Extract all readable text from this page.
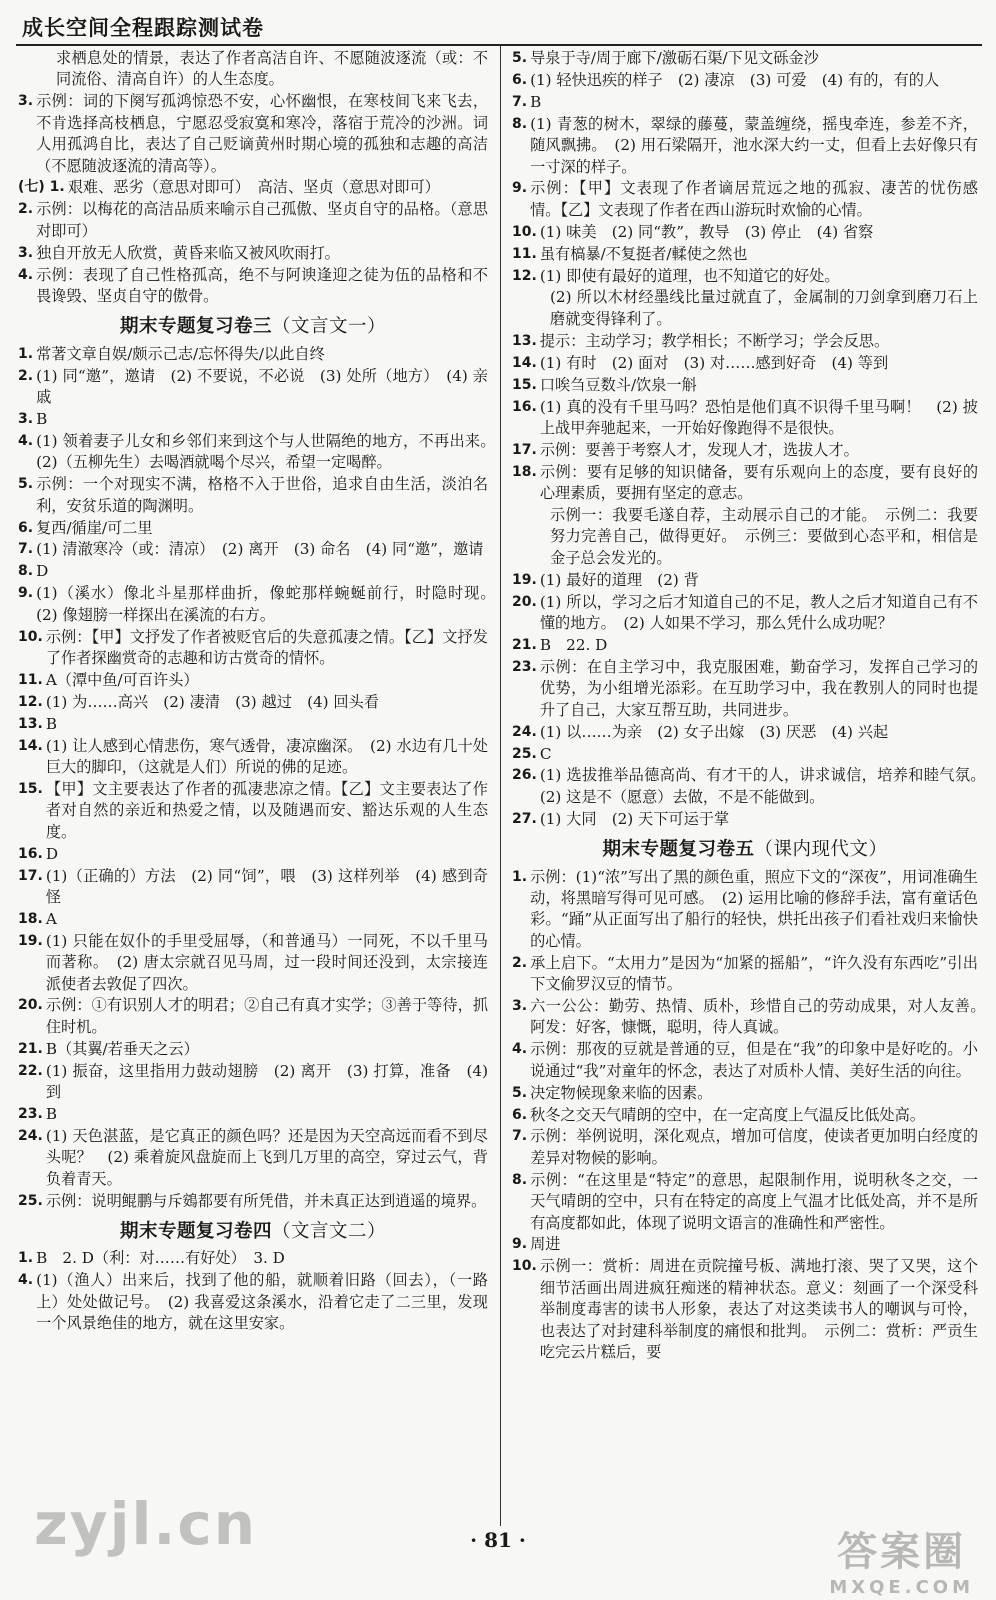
成长空间全程跟踪测试卷
求栖息处的情景，表达了作者高洁自许、不愿随波逐流（或：不同流俗、清高自许）的人生态度。
3. 示例：词的下阕写孤鸿惊恐不安，心怀幽恨，在寒枝间飞来飞去，不肯选择高枝栖息，宁愿忍受寂寞和寒冷，落宿于荒冷的沙洲。词人用孤鸿自比，表达了自己贬谪黄州时期心境的孤独和志趣的高洁（不愿随波逐流的清高等）。
(七) 1. 艰难、恶劣（意思对即可）　高洁、坚贞（意思对即可）
2. 示例：以梅花的高洁品质来喻示自己孤傲、坚贞自守的品格。（意思对即可）
3. 独自开放无人欣赏，黄昏来临又被风吹雨打。
4. 示例：表现了自己性格孤高，绝不与阿谀逢迎之徒为伍的品格和不畏谗毁、坚贞自守的傲骨。
期末专题复习卷三（文言文一）
1. 常著文章自娱/颇示己志/忘怀得失/以此自终
2. (1) 同“邀”，邀请　(2) 不要说，不必说　(3) 处所（地方）　(4) 亲戚
3. B
4. (1) 领着妻子儿女和乡邻们来到这个与人世隔绝的地方，不再出来。　(2)（五柳先生）去喝酒就喝个尽兴，希望一定喝醉。
5. 示例：一个对现实不满，格格不入于世俗，追求自由生活，淡泊名利，安贫乐道的陶渊明。
6. 复西/循崖/可二里
7. (1) 清澈寒冷（或：清凉）　(2) 离开　(3) 命名　(4) 同“邀”，邀请
8. D
9. (1)（溪水）像北斗星那样曲折，像蛇那样蜿蜒前行，时隐时现。　(2) 像翅膀一样探出在溪流的右方。
10. 示例：【甲】文抒发了作者被贬官后的失意孤凄之情。【乙】文抒发了作者探幽赏奇的志趣和访古赏奇的情怀。
11. A（潭中鱼/可百许头）
12. (1) 为……高兴　(2) 凄清　(3) 越过　(4) 回头看
13. B
14. (1) 让人感到心情悲伤，寒气透骨，凄凉幽深。　(2) 水边有几十处巨大的脚印，（这就是人们）所说的佛的足迹。
15. 【甲】文主要表达了作者的孤凄悲凉之情。【乙】文主要表达了作者对自然的亲近和热爱之情，以及随遇而安、豁达乐观的人生态度。
16. D
17. (1)（正确的）方法　(2) 同“饲”，喂　(3) 这样列举　(4) 感到奇怪
18. A
19. (1) 只能在奴仆的手里受屈辱，（和普通马）一同死，不以千里马而著称。　(2) 唐太宗就召见马周，过一段时间还没到，太宗接连派使者去敦促了四次。
20. 示例：①有识别人才的明君；②自己有真才实学；③善于等待，抓住时机。
21. B（其翼/若垂天之云）
22. (1) 振奋，这里指用力鼓动翅膀　(2) 离开　(3) 打算，准备　(4) 到
23. B
24. (1) 天色湛蓝，是它真正的颜色吗？还是因为天空高远而看不到尽头呢？　(2) 乘着旋风盘旋而上飞到几万里的高空，穿过云气，背负着青天。
25. 示例：说明鲲鹏与斥鴳都要有所凭借，并未真正达到逍遥的境界。
期末专题复习卷四（文言文二）
1. B　2. D（利：对……有好处）　3. D
4. (1)（渔人）出来后，找到了他的船，就顺着旧路（回去），（一路上）处处做记号。　(2) 我喜爱这条溪水，沿着它走了二三里，发现一个风景绝佳的地方，就在这里安家。
5. 导泉于寺/周于廊下/激砺石渠/下见文砾金沙
6. (1) 轻快迅疾的样子　(2) 凄凉　(3) 可爱　(4) 有的，有的人
7. B
8. (1) 青葱的树木，翠绿的藤蔓，蒙盖缠绕，摇曳牵连，参差不齐，随风飘拂。　(2) 用石梁隔开，池水深大约一丈，但看上去好像只有一寸深的样子。
9. 示例：【甲】文表现了作者谪居荒远之地的孤寂、凄苦的忧伤感情。【乙】文表现了作者在西山游玩时欢愉的心情。
10. (1) 味美　(2) 同“教”，教导　(3) 停止　(4) 省察
11. 虽有槁暴/不复挺者/輮使之然也
12. (1) 即使有最好的道理，也不知道它的好处。
(2) 所以木材经墨线比量过就直了，金属制的刀剑拿到磨刀石上磨就变得锋利了。
13. 提示：主动学习；教学相长；不断学习；学会反思。
14. (1) 有时　(2) 面对　(3) 对……感到好奇　(4) 等到
15. 口唉刍豆数斗/饮泉一斛
16. (1) 真的没有千里马吗？恐怕是他们真不识得千里马啊！　(2) 披上战甲奔驰起来，一开始好像跑得不是很快。
17. 示例：要善于考察人才，发现人才，选拔人才。
18. 示例：要有足够的知识储备，要有乐观向上的态度，要有良好的心理素质，要拥有坚定的意志。
示例一：我要毛遂自荐，主动展示自己的才能。　示例二：我要努力完善自己，做得更好。　示例三：要做到心态平和，相信是金子总会发光的。
19. (1) 最好的道理　(2) 背
20. (1) 所以，学习之后才知道自己的不足，教人之后才知道自己有不懂的地方。　(2) 人如果不学习，那么凭什么成功呢？
21. B　22. D
23. 示例：在自主学习中，我克服困难，勤奋学习，发挥自己学习的优势，为小组增光添彩。在互助学习中，我在教别人的同时也提升了自己，大家互帮互助，共同进步。
24. (1) 以……为亲　(2) 女子出嫁　(3) 厌恶　(4) 兴起
25. C
26. (1) 选拔推举品德高尚、有才干的人，讲求诚信，培养和睦气氛。　(2) 这是不（愿意）去做，不是不能做到。
27. (1) 大同　(2) 天下可运于掌
期末专题复习卷五（课内现代文）
1. 示例：(1)“浓”写出了黑的颜色重，照应下文的“深夜”，用词准确生动，将黑暗写得可见可感。　(2) 运用比喻的修辞手法，富有童话色彩。“踊”从正面写出了船行的轻快，烘托出孩子们看社戏归来愉快的心情。
2. 承上启下。“太用力”是因为“加紧的摇船”，“许久没有东西吃”引出下文偷罗汉豆的情节。
3. 六一公公：勤劳、热情、质朴，珍惜自己的劳动成果，对人友善。　阿发：好客，慷慨，聪明，待人真诚。
4. 示例：那夜的豆就是普通的豆，但是在“我”的印象中是好吃的。小说通过“我”对童年的怀念，表达了对质朴人情、美好生活的向往。
5. 决定物候现象来临的因素。
6. 秋冬之交天气晴朗的空中，在一定高度上气温反比低处高。
7. 示例：举例说明，深化观点，增加可信度，使读者更加明白经度的差异对物候的影响。
8. 示例：“在这里是“特定”的意思，起限制作用，说明秋冬之交，一天气晴朗的空中，只有在特定的高度上气温才比低处高，并不是所有高度都如此，体现了说明文语言的准确性和严密性。
9. 周进
10. 示例一：赏析：周进在贡院撞号板、满地打滚、哭了又哭，这个细节活画出周进疯狂痴迷的精神状态。意义：刻画了一个深受科举制度毒害的读书人形象，表达了对这类读书人的嘲讽与可怜，也表达了对封建科举制度的痛恨和批判。　示例二：赏析：严贡生吃完云片糕后，要
zyjl.cn	· 81 ·	答案圈
MXQE.COM
